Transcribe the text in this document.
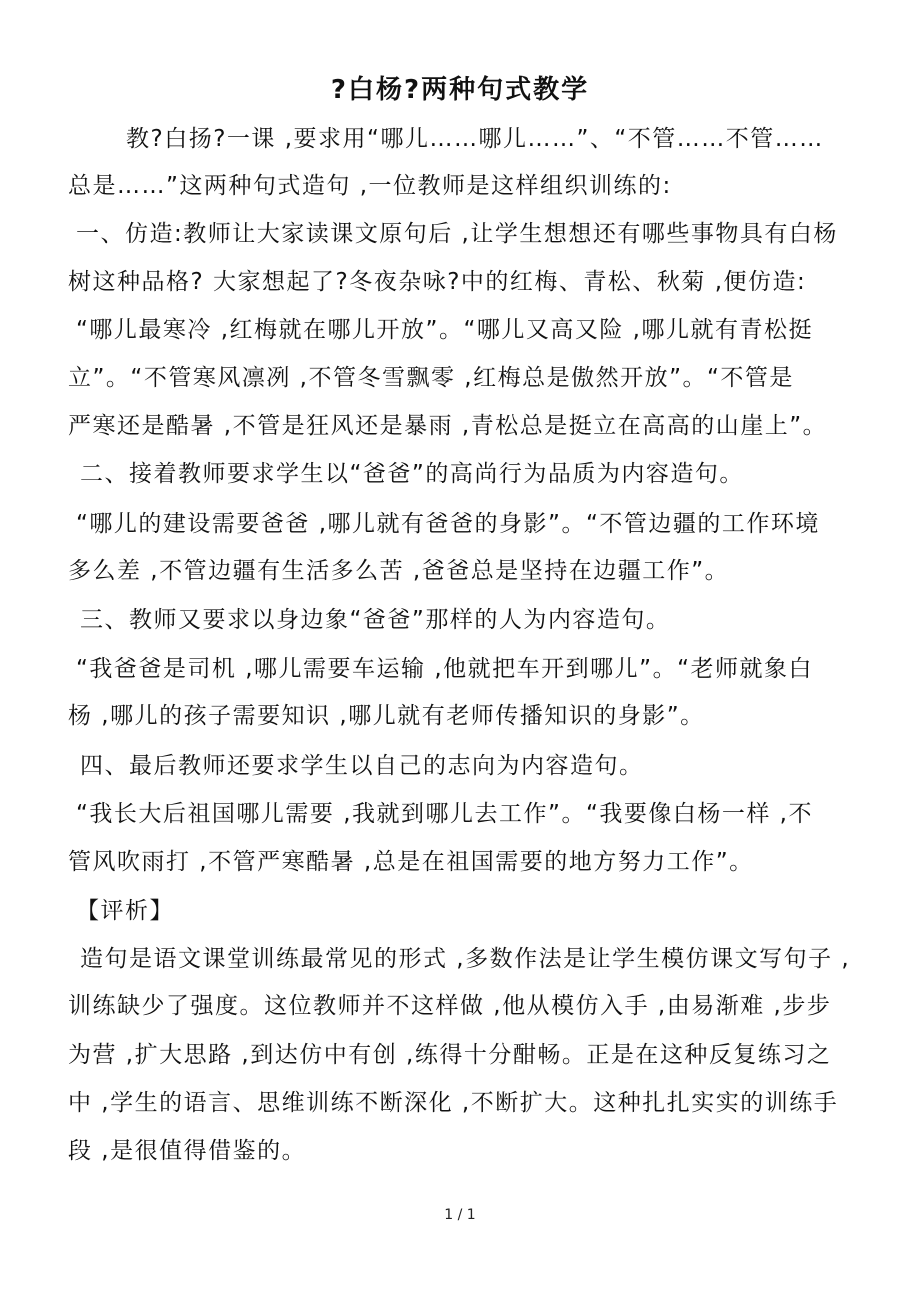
?白杨?两种句式教学
教?白扬?一课 ,要求用“哪儿……哪儿……”、“不管……不管……
总是……”这两种句式造句 ,一位教师是这样组织训练的:
一、仿造:教师让大家读课文原句后 ,让学生想想还有哪些事物具有白杨
树这种品格? 大家想起了?冬夜杂咏?中的红梅、青松、秋菊 ,便仿造:
“哪儿最寒冷 ,红梅就在哪儿开放”。“哪儿又高又险 ,哪儿就有青松挺
立”。“不管寒风凛冽 ,不管冬雪飘零 ,红梅总是傲然开放”。“不管是
严寒还是酷暑 ,不管是狂风还是暴雨 ,青松总是挺立在高高的山崖上”。
二、接着教师要求学生以“爸爸”的高尚行为品质为内容造句。
“哪儿的建设需要爸爸 ,哪儿就有爸爸的身影”。“不管边疆的工作环境
多么差 ,不管边疆有生活多么苦 ,爸爸总是坚持在边疆工作”。
三、教师又要求以身边象“爸爸”那样的人为内容造句。
“我爸爸是司机 ,哪儿需要车运输 ,他就把车开到哪儿”。“老师就象白
杨 ,哪儿的孩子需要知识 ,哪儿就有老师传播知识的身影”。
四、最后教师还要求学生以自己的志向为内容造句。
“我长大后祖国哪儿需要 ,我就到哪儿去工作”。“我要像白杨一样 ,不
管风吹雨打 ,不管严寒酷暑 ,总是在祖国需要的地方努力工作”。
【评析】
造句是语文课堂训练最常见的形式 ,多数作法是让学生模仿课文写句子 ,
训练缺少了强度。这位教师并不这样做 ,他从模仿入手 ,由易渐难 ,步步
为营 ,扩大思路 ,到达仿中有创 ,练得十分酣畅。正是在这种反复练习之
中 ,学生的语言、思维训练不断深化 ,不断扩大。这种扎扎实实的训练手
段 ,是很值得借鉴的。
1 / 1
